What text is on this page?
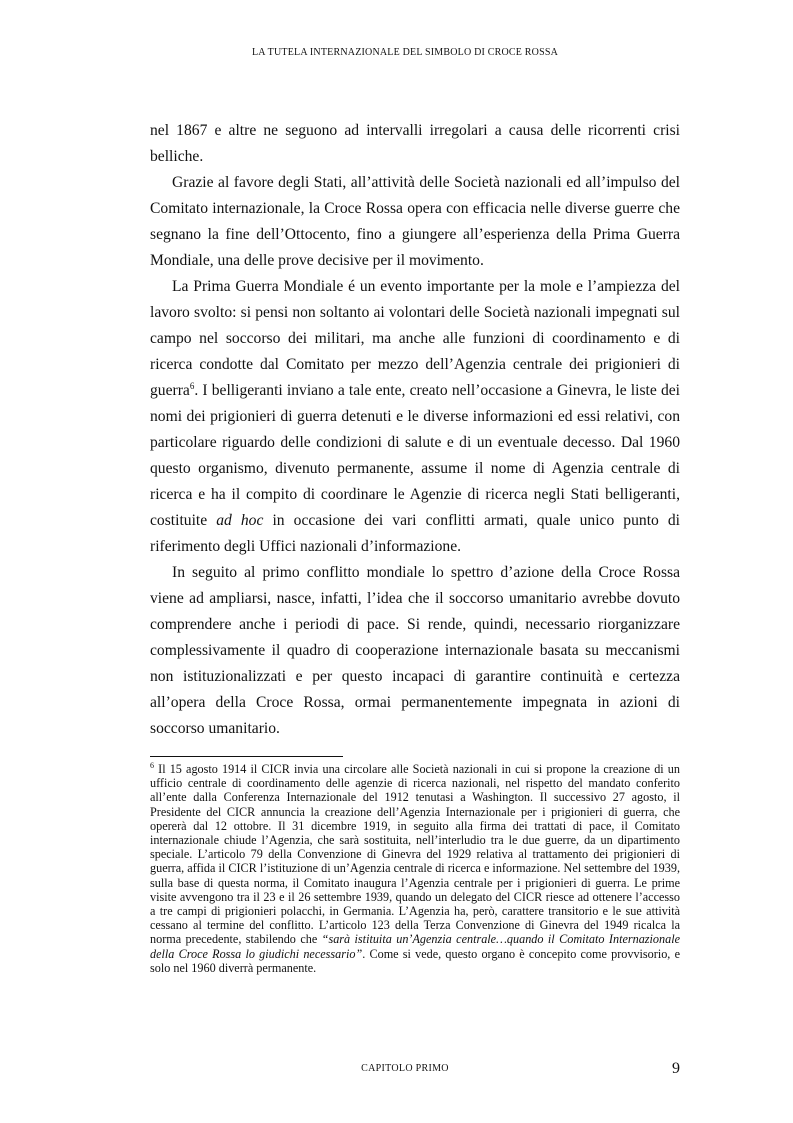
LA TUTELA INTERNAZIONALE DEL SIMBOLO DI CROCE ROSSA

nel 1867 e altre ne seguono ad intervalli irregolari a causa delle ricorrenti crisi belliche.

Grazie al favore degli Stati, all’attività delle Società nazionali ed all’impulso del Comitato internazionale, la Croce Rossa opera con efficacia nelle diverse guerre che segnano la fine dell’Ottocento, fino a giungere all’esperienza della Prima Guerra Mondiale, una delle prove decisive per il movimento.

La Prima Guerra Mondiale é un evento importante per la mole e l’ampiezza del lavoro svolto: si pensi non soltanto ai volontari delle Società nazionali impegnati sul campo nel soccorso dei militari, ma anche alle funzioni di coordinamento e di ricerca condotte dal Comitato per mezzo dell’Agenzia centrale dei prigionieri di guerra$^6$. I belligeranti inviano a tale ente, creato nell’occasione a Ginevra, le liste dei nomi dei prigionieri di guerra detenuti e le diverse informazioni ed essi relativi, con particolare riguardo delle condizioni di salute e di un eventuale decesso. Dal 1960 questo organismo, divenuto permanente, assume il nome di Agenzia centrale di ricerca e ha il compito di coordinare le Agenzie di ricerca negli Stati belligeranti, costituite ad hoc in occasione dei vari conflitti armati, quale unico punto di riferimento degli Uffici nazionali d’informazione.

In seguito al primo conflitto mondiale lo spettro d’azione della Croce Rossa viene ad ampliarsi, nasce, infatti, l’idea che il soccorso umanitario avrebbe dovuto comprendere anche i periodi di pace. Si rende, quindi, necessario riorganizzare complessivamente il quadro di cooperazione internazionale basata su meccanismi non istituzionalizzati e per questo incapaci di garantire continuità e certezza all’opera della Croce Rossa, ormai permanentemente impegnata in azioni di soccorso umanitario.

$^6$ Il 15 agosto 1914 il CICR invia una circolare alle Società nazionali in cui si propone la creazione di un ufficio centrale di coordinamento delle agenzie di ricerca nazionali, nel rispetto del mandato conferito all’ente dalla Conferenza Internazionale del 1912 tenutasi a Washington. Il successivo 27 agosto, il Presidente del CICR annuncia la creazione dell’Agenzia Internazionale per i prigionieri di guerra, che opererà dal 12 ottobre. Il 31 dicembre 1919, in seguito alla firma dei trattati di pace, il Comitato internazionale chiude l’Agenzia, che sarà sostituita, nell’interludio tra le due guerre, da un dipartimento speciale. L’articolo 79 della Convenzione di Ginevra del 1929 relativa al trattamento dei prigionieri di guerra, affida il CICR l’istituzione di un’Agenzia centrale di ricerca e informazione. Nel settembre del 1939, sulla base di questa norma, il Comitato inaugura l’Agenzia centrale per i prigionieri di guerra. Le prime visite avvengono tra il 23 e il 26 settembre 1939, quando un delegato del CICR riesce ad ottenere l’accesso a tre campi di prigionieri polacchi, in Germania. L’Agenzia ha, però, carattere transitorio e le sue attività cessano al termine del conflitto. L’articolo 123 della Terza Convenzione di Ginevra del 1949 ricalca la norma precedente, stabilendo che “sarà istituita un’Agenzia centrale…quando il Comitato Internazionale della Croce Rossa lo giudichi necessario”. Come si vede, questo organo è concepito come provvisorio, e solo nel 1960 diverrà permanente.

CAPITOLO PRIMO	9
